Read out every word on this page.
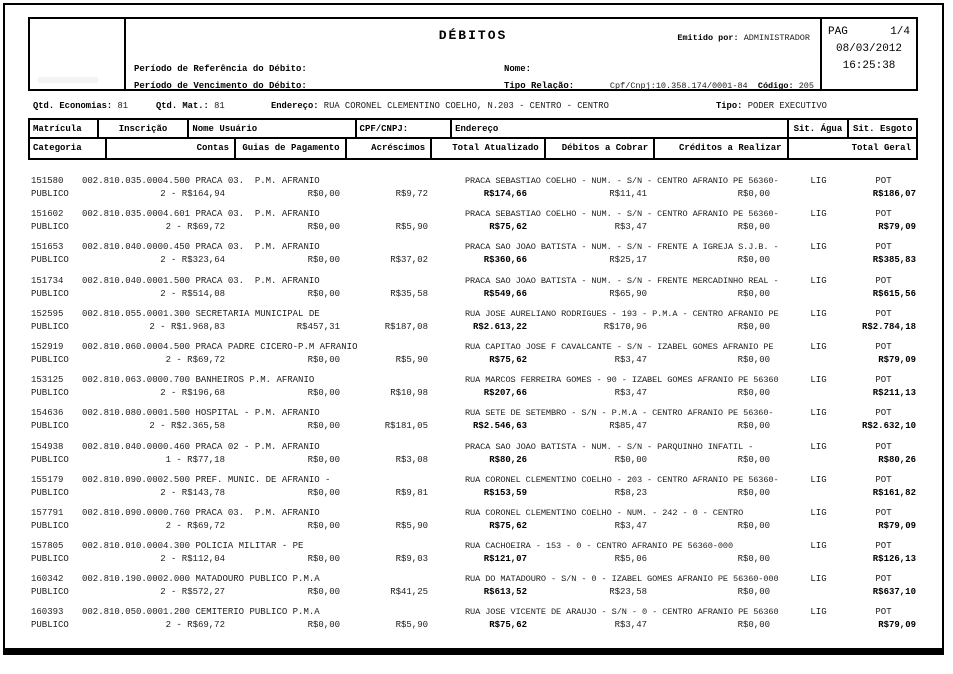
DÉBITOS	Emitido por: ADMINISTRADOR
Período de Referência do Débito:	Nome:
Período de Vencimento do Débito:	Tipo Relação:	Cpf/Cnpj:10.358.174/0001-84 Código: 205
PAG	1/4
08/03/2012
16:25:38
Qtd. Economias: 81	Qtd. Mat.: 81	Endereço: RUA CORONEL CLEMENTINO COELHO, N.203 - CENTRO - CENTRO	Tipo: PODER EXECUTIVO
Matrícula	Inscrição	Nome Usuário	CPF/CNPJ:	Endereço	Sit. Água	Sit. Esgoto
Categoria	Contas	Guias de Pagamento	Acréscimos	Total Atualizado	Débitos a Cobrar	Créditos a Realizar	Total Geral
151580	002.810.035.0004.500 PRACA 03.  P.M. AFRANIO	PRACA SEBASTIAO COELHO - NUM. - S/N - CENTRO AFRANIO PE 56360-	LIG	POT
PUBLICO	2 - R$164,94	R$0,00	R$9,72	R$174,66	R$11,41	R$0,00	R$186,07
151602	002.810.035.0004.601 PRACA 03.  P.M. AFRANIO	PRACA SEBASTIAO COELHO - NUM. - S/N - CENTRO AFRANIO PE 56360-	LIG	POT
PUBLICO	2 - R$69,72	R$0,00	R$5,90	R$75,62	R$3,47	R$0,00	R$79,09
151653	002.810.040.0000.450 PRACA 03.  P.M. AFRANIO	PRACA SAO JOAO BATISTA - NUM. - S/N - FRENTE A IGREJA S.J.B. -	LIG	POT
PUBLICO	2 - R$323,64	R$0,00	R$37,02	R$360,66	R$25,17	R$0,00	R$385,83
151734	002.810.040.0001.500 PRACA 03.  P.M. AFRANIO	PRACA SAO JOAO BATISTA - NUM. - S/N - FRENTE MERCADINHO REAL -	LIG	POT
PUBLICO	2 - R$514,08	R$0,00	R$35,58	R$549,66	R$65,90	R$0,00	R$615,56
152595	002.810.055.0001.300 SECRETARIA MUNICIPAL DE	RUA JOSE AURELIANO RODRIGUES - 193 - P.M.A - CENTRO AFRANIO PE	LIG	POT
PUBLICO	2 - R$1.968,83	R$457,31	R$187,08	R$2.613,22	R$170,96	R$0,00	R$2.784,18
152919	002.810.060.0004.500 PRACA PADRE CICERO-P.M AFRANIO	RUA CAPITAO JOSE F CAVALCANTE - S/N - IZABEL GOMES AFRANIO PE	LIG	POT
PUBLICO	2 - R$69,72	R$0,00	R$5,90	R$75,62	R$3,47	R$0,00	R$79,09
153125	002.810.063.0000.700 BANHEIROS P.M. AFRANIO	RUA MARCOS FERREIRA GOMES - 90 - IZABEL GOMES AFRANIO PE 56360	LIG	POT
PUBLICO	2 - R$196,68	R$0,00	R$10,98	R$207,66	R$3,47	R$0,00	R$211,13
154636	002.810.080.0001.500 HOSPITAL - P.M. AFRANIO	RUA SETE DE SETEMBRO - S/N - P.M.A - CENTRO AFRANIO PE 56360-	LIG	POT
PUBLICO	2 - R$2.365,58	R$0,00	R$181,05	R$2.546,63	R$85,47	R$0,00	R$2.632,10
154938	002.810.040.0000.460 PRACA 02 - P.M. AFRANIO	PRACA SAO JOAO BATISTA - NUM. - S/N - PARQUINHO INFATIL -	LIG	POT
PUBLICO	1 - R$77,18	R$0,00	R$3,08	R$80,26	R$0,00	R$0,00	R$80,26
155179	002.810.090.0002.500 PREF. MUNIC. DE AFRANIO -	RUA CORONEL CLEMENTINO COELHO - 203 - CENTRO AFRANIO PE 56360-	LIG	POT
PUBLICO	2 - R$143,78	R$0,00	R$9,81	R$153,59	R$8,23	R$0,00	R$161,82
157791	002.810.090.0000.760 PRACA 03.  P.M. AFRANIO	RUA CORONEL CLEMENTINO COELHO - NUM. - 242 - 0 - CENTRO	LIG	POT
PUBLICO	2 - R$69,72	R$0,00	R$5,90	R$75,62	R$3,47	R$0,00	R$79,09
157805	002.810.010.0004.300 POLICIA MILITAR - PE	RUA CACHOEIRA - 153 - 0 - CENTRO AFRANIO PE 56360-000	LIG	POT
PUBLICO	2 - R$112,04	R$0,00	R$9,03	R$121,07	R$5,06	R$0,00	R$126,13
160342	002.810.190.0002.000 MATADOURO PUBLICO P.M.A	RUA DO MATADOURO - S/N - 0 - IZABEL GOMES AFRANIO PE 56360-000	LIG	POT
PUBLICO	2 - R$572,27	R$0,00	R$41,25	R$613,52	R$23,58	R$0,00	R$637,10
160393	002.810.050.0001.200 CEMITERIO PUBLICO P.M.A	RUA JOSE VICENTE DE ARAUJO - S/N - 0 - CENTRO AFRANIO PE 56360	LIG	POT
PUBLICO	2 - R$69,72	R$0,00	R$5,90	R$75,62	R$3,47	R$0,00	R$79,09
